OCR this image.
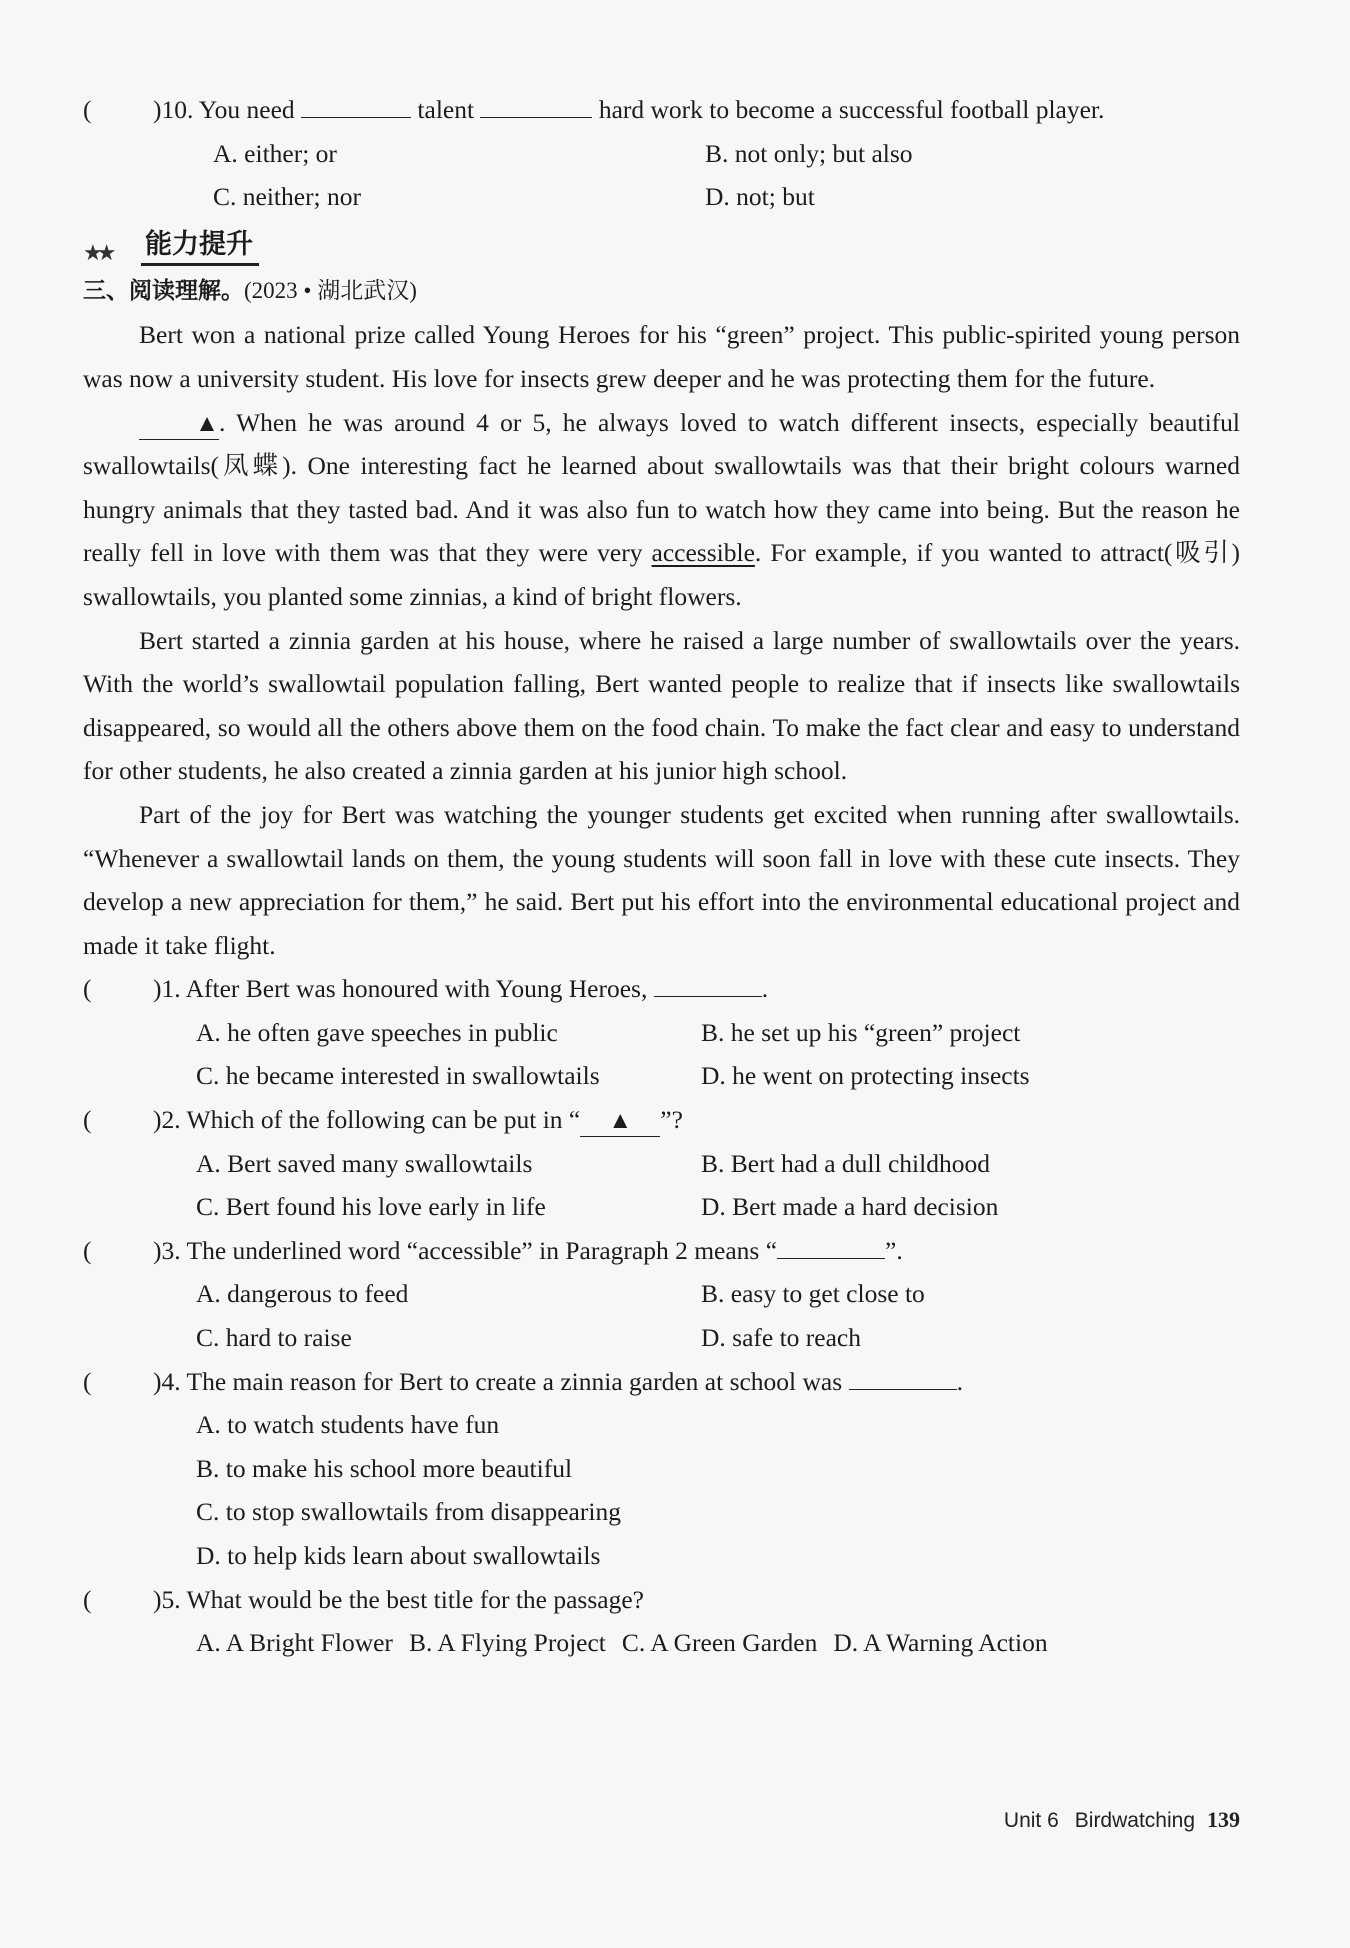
(	)10. You need	talent	hard work to become a successful football player.
A. either; or	B. not only; but also
C. neither; nor	D. not; but
★★ 能力提升
三、阅读理解。(2023 • 湖北武汉)

Bert won a national prize called Young Heroes for his “green” project. This public-spirited young person was now a university student. His love for insects grew deeper and he was protecting them for the future.

▲. When he was around 4 or 5, he always loved to watch different insects, especially beautiful swallowtails(凤蝶). One interesting fact he learned about swallowtails was that their bright colours warned hungry animals that they tasted bad. And it was also fun to watch how they came into being. But the reason he really fell in love with them was that they were very accessible. For example, if you wanted to attract(吸引) swallowtails, you planted some zinnias, a kind of bright flowers.

Bert started a zinnia garden at his house, where he raised a large number of swallowtails over the years. With the world’s swallowtail population falling, Bert wanted people to realize that if insects like swallowtails disappeared, so would all the others above them on the food chain. To make the fact clear and easy to understand for other students, he also created a zinnia garden at his junior high school.

Part of the joy for Bert was watching the younger students get excited when running after swallowtails. “Whenever a swallowtail lands on them, the young students will soon fall in love with these cute insects. They develop a new appreciation for them,” he said. Bert put his effort into the environmental educational project and made it take flight.

(	)1. After Bert was honoured with Young Heroes,	.
A. he often gave speeches in public	B. he set up his “green” project
C. he became interested in swallowtails	D. he went on protecting insects
(	)2. Which of the following can be put in “ ▲ ”?
A. Bert saved many swallowtails	B. Bert had a dull childhood
C. Bert found his love early in life	D. Bert made a hard decision
(	)3. The underlined word “accessible” in Paragraph 2 means “	”.
A. dangerous to feed	B. easy to get close to
C. hard to raise	D. safe to reach
(	)4. The main reason for Bert to create a zinnia garden at school was	.
A. to watch students have fun
B. to make his school more beautiful
C. to stop swallowtails from disappearing
D. to help kids learn about swallowtails
(	)5. What would be the best title for the passage?
A. A Bright Flower B. A Flying Project C. A Green Garden D. A Warning Action
Unit 6 Birdwatching 139
